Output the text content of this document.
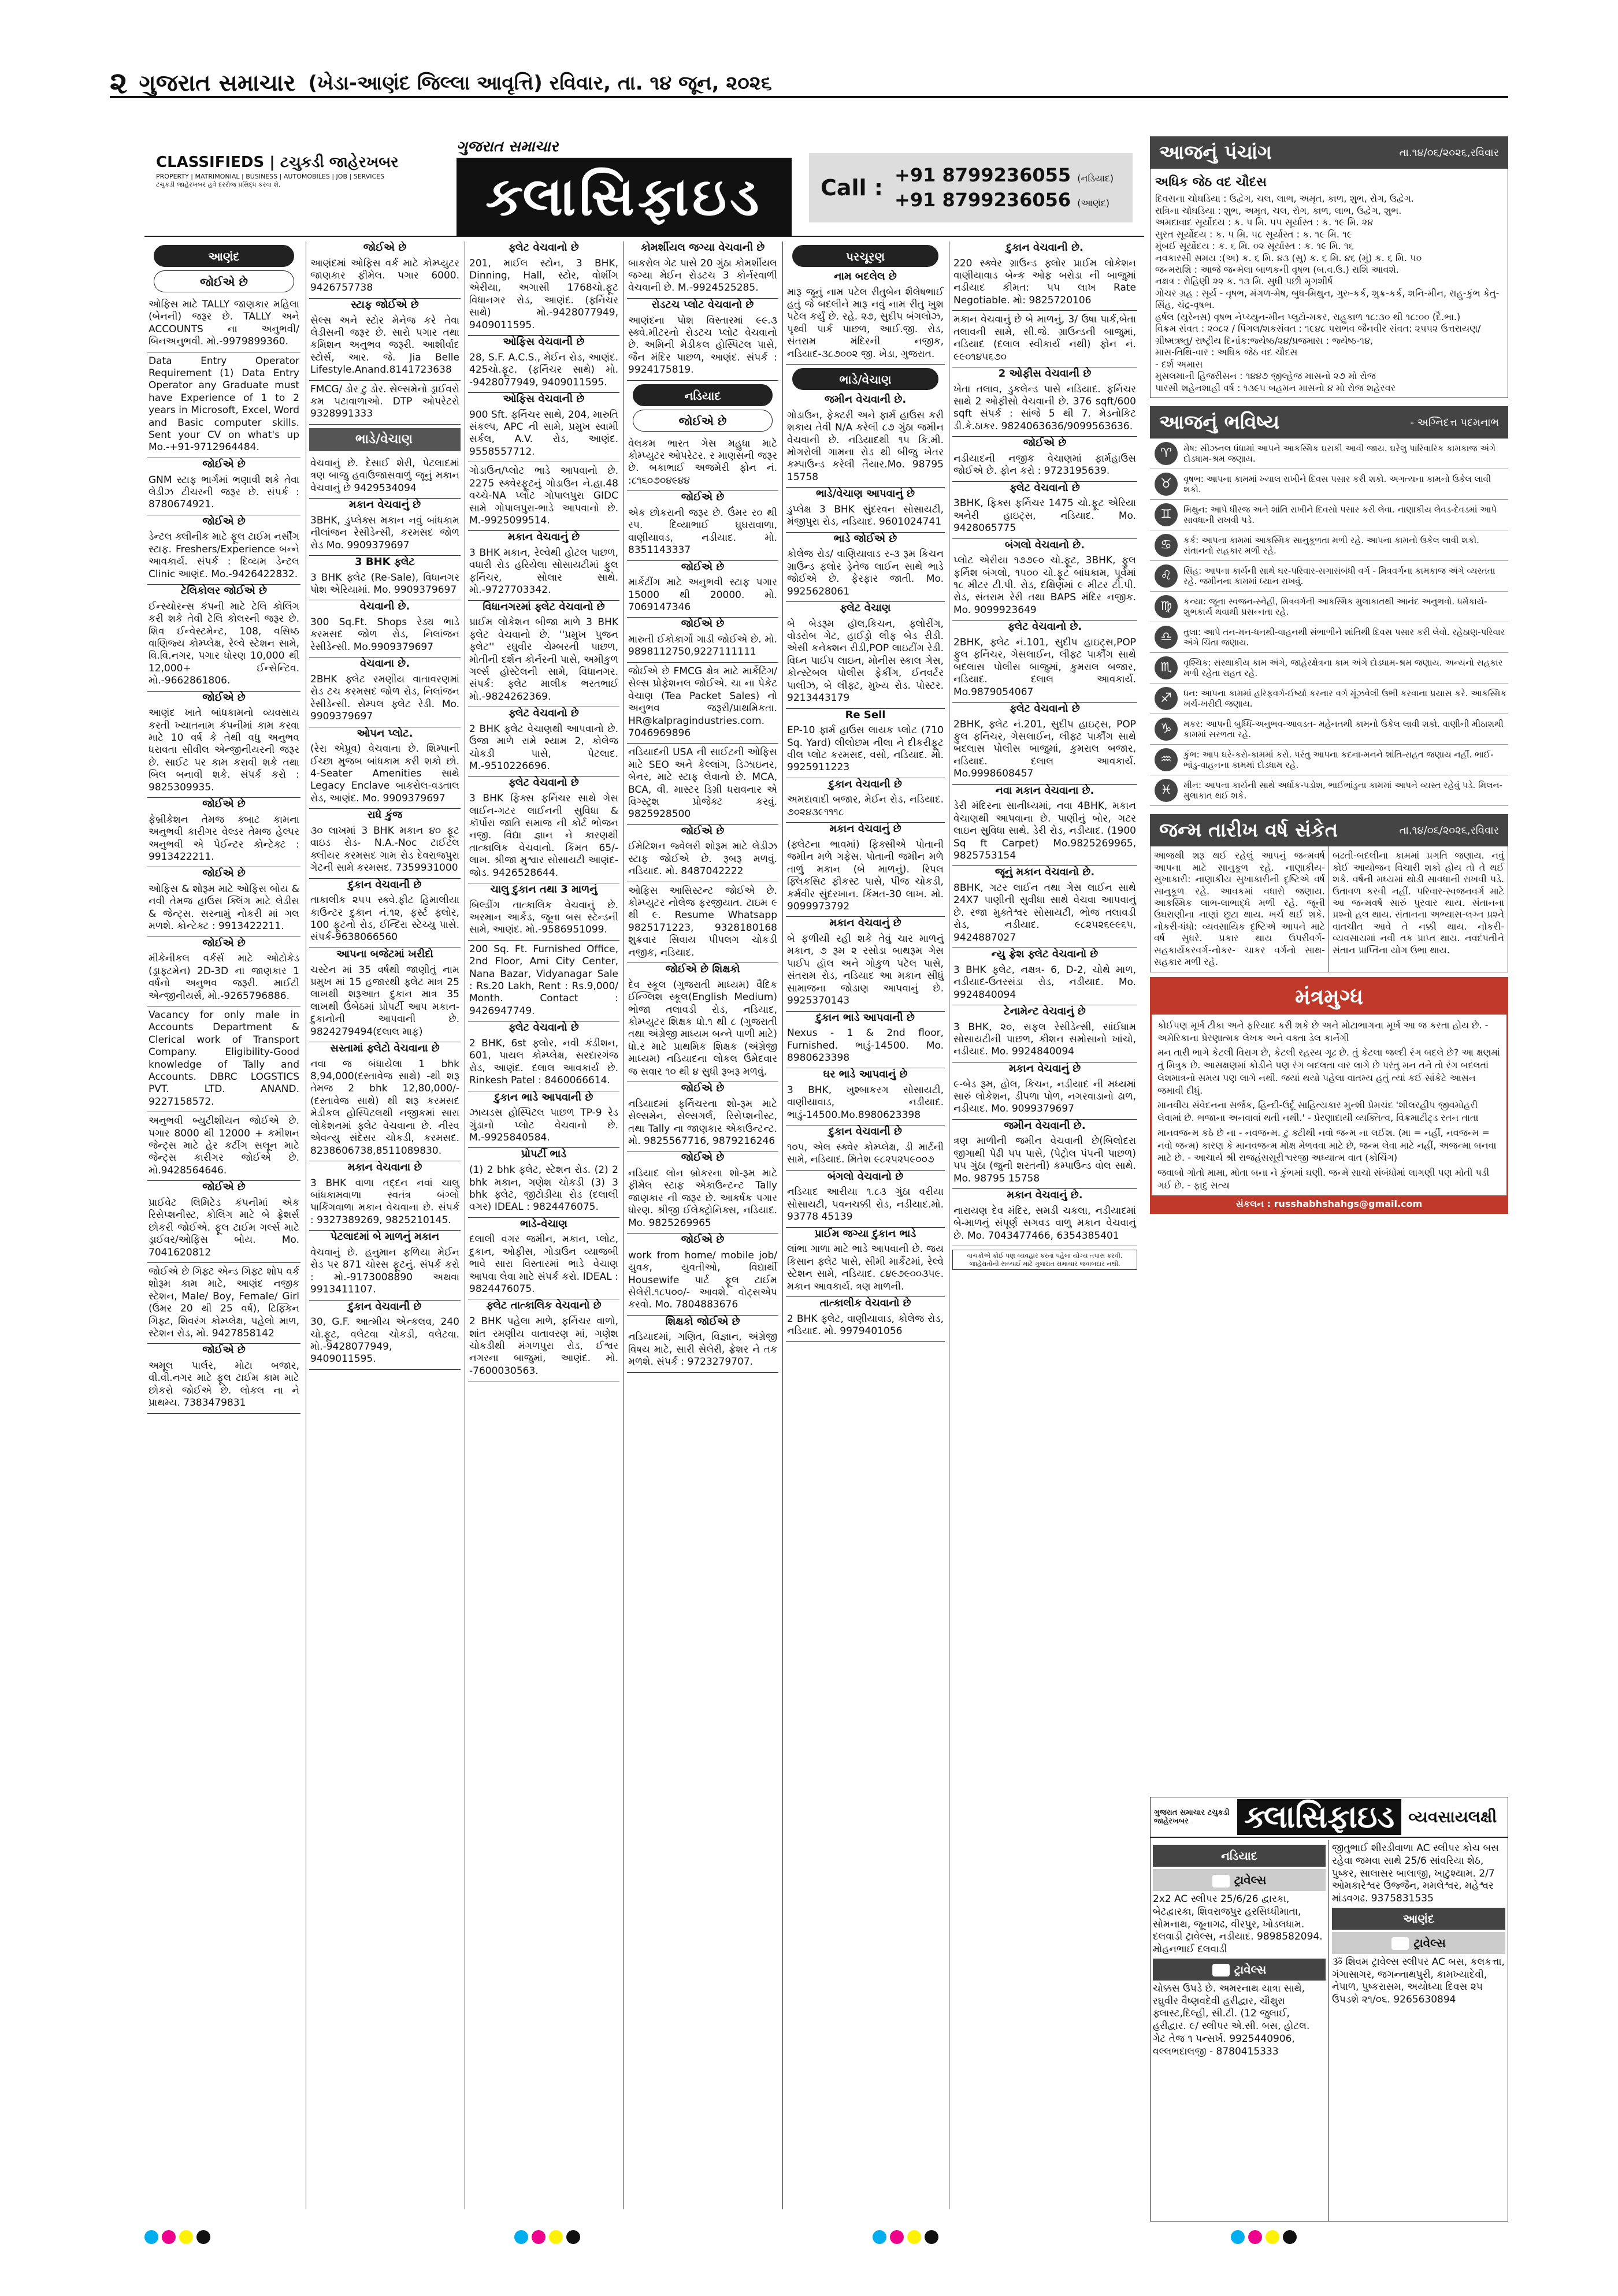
૨ ગુજરાત સમાચાર (ખેડા-આણંદ જિલ્લા આવૃત્તિ) રવિવાર, તા. ૧૪ જૂન, ૨૦૨૬
CLASSIFIEDS | ટચુકડી જાહેરખબર
PROPERTY | MATRIMONIAL | BUSINESS | AUTOMOBILES | JOB | SERVICES
ટચુકડી જાહેરખબર હવે દરરોજ પ્રસિદ્ધ કરવા શે.
ગુજરાત સમાચાર
ક્લાસિફાઇડ	Call :
+91 8799236055 (નડિયાદ)
+91 8799236056 (આણંદ)
આણંદ
જોઈએ છે
ઓફિસ માટે TALLY જાણકાર મહિલા (બેનની) જરૂર છે. TALLY અને ACCOUNTS ના અનુભવી/બિનઅનુભવી. મો.-9979899360.
Data Entry Operator Requirement (1) Data Entry Operator any Graduate must have Experience of 1 to 2 years in Microsoft, Excel, Word and Basic computer skills. Sent your CV on what's up Mo.-+91-9712964484.
જોઈએ છે
GNM સ્ટાફ ભાર્ગમાં ભણાવી શકે તેવા લેડીઝ ટીચરની જરૂર છે. સંપર્ક : 8780674921.
જોઈએ છે
ડેન્ટલ ક્લીનીક માટે ફૂલ ટાઈમ નર્સીંગ સ્ટાફ. Freshers/Experience બન્ને આવકાર્ય. સંપર્ક : દિવ્યમ ડેન્ટલ Clinic આણંદ. Mo.-9426422832.
ટેલિકોલર જોઈએ છે
ઈન્સ્યોરન્સ કંપની માટે ટેલિ કોલિંગ કરી શકે તેવી ટેલિ કોલરની જરૂર છે. શિવ ઈન્વેસ્ટમેન્ટ, 108, વસિષ્ઠ વાણિજ્ય કોમ્પ્લેક્ષ, રેલ્વે સ્ટેશન સામે, વિ.વિ.નગર, પગાર ધોરણ 10,000 થી 12,000+ ઈન્સેન્ટિવ. મો.-9662861806.
જોઈએ છે
આણંદ ખાતે બાંધકામનો વ્યવસાય કરતી ખ્યાતનામ કંપનીમાં કામ કરવા માટે 10 વર્ષ કે તેથી વધુ અનુભવ ધરાવતા સીવીલ એન્જીનીયરની જરૂર છે. સાઈટ પર કામ કરાવી શકે તથા બિલ બનાવી શકે. સંપર્ક કરો : 9825309935.
જોઈએ છે
ફેબ્રીકેશન તેમજ ક્બાટ કામના અનુભવી કારીગર વેલ્ડર તેમજ હેલ્પર અનુભવી એ પેઈન્ટર કોન્ટેક્ટ : 9913422211.
જોઈએ છે
ઓફિસ & શોરૂમ માટે ઓફિસ બોય & નવી તેમજ હાઉસ ક્લિંગ માટે લેડીસ & જેન્ટ્સ. સરનામું નોકરી માં ગલ મળશે. કોન્ટેક્ટ : 9913422211.
જોઈએ છે
મીકેનીકલ વર્કર્સ માટે ઓટોકેડ (ડ્રાફ્ટમેન) 2D-3D ના જાણકાર 1 વર્ષનો અનુભવ જરૂરી. માઈટી એન્જીનીયર્સ, મો.-9265796886.
Vacancy for only male in Accounts Department & Clerical work of Transport Company. Eligibility-Good knowledge of Tally and Accounts. DBRC LOGSTICS PVT. LTD. ANAND. 9227158572.
અનુભવી બ્યુટીશીયન જોઈએ છે. પગાર 8000 થી 12000 + કમીશન જેન્ટ્સ માટે હેર કટીંગ સલૂન માટે જેન્ટ્સ કારીગર જોઈએ છે. મો.9428564646.
જોઈએ છે
પ્રાઈવેટ લિમિટેડ કંપનીમાં એક રિસેપ્શનીસ્ટ, કોલિંગ માટે બે ફ્રેશર્સ છોકરી જોઈએ. ફૂલ ટાઈમ ગર્લ્સ માટે ડ્રાઈવર/ઓફિસ બોય. Mo. 7041620812
જોઈએ છે ગિફ્ટ એન્ડ ગિફ્ટ શોપ વર્ક શોરૂમ કામ માટે, આણંદ નજીક સ્ટેશન, Male/ Boy, Female/ Girl (ઉંમર 20 થી 25 વર્ષ), ટિફ્કિન ગિફ્ટ, શિવરંગ કોમ્પ્લેક્ષ, પહેલો માળ, સ્ટેશન રોડ, મો. 9427858142
જોઈએ છે
અમૂલ પાર્લર, મોટા બજાર, વી.વી.નગર માટે ફૂલ ટાઈમ કામ માટે છોકરો જોઈએ છે. લોકલ ના ને પ્રાથમ્ય. 7383479831
જોઈએ છે
આણંદમાં ઓફિસ વર્ક માટે કોમ્પ્યુટર જાણકાર ફીમેલ. પગાર 6000. 9426757738
સ્ટાફ જોઈએ છે
સેલ્સ અને સ્ટોર મેનેજ કરે તેવા લેડીસની જરૂર છે. સારો પગાર તથા કમિશન અનુભવ જરૂરી. આશીર્વાદ સ્ટોર્સ, આર. જે. Jia Belle Lifestyle.Anand.8141723638
FMCG/ ડોર ટુ ડોર. સેલ્સમેનો ડ્રાઈવરો કમ પટાવાળાઓ. DTP ઓપરેટરો 9328991333
ભાડે/વેચાણ
વેચવાનું છે. દેસાઈ શેરી, પેટલાદમાં ત્રણ બાજુ હવાઉજાસવાળું જૂનું મકાન વેચવાનું છે 9429534094
મકાન વેચવાનું છે
3BHK, ડુપ્લેક્સ મકાન નવું બાંધકામ નીલાંજન રેસીડેન્સી, કરમસદ જોળ રોડ Mo. 9909379697
3 BHK ફ્લેટ
3 BHK ફ્લેટ (Re-Sale), વિધાનગર પોશ એરિયામાં. Mo. 9909379697
વેચવાની છે.
300 Sq.Ft. Shops રેડ્ય ભાડે કરમસદ જોળ રોડ, નિલાંજન રેસીડેન્સી. Mo.9909379697
વેચવાના છે.
2BHK ફ્લેટ રમણીય વાતાવરણમાં રોડ ટચ કરમસદ જોળ રોડ, નિલાંજન રેસીડેન્સી. સેમ્પલ ફ્લેટ રેડી. Mo. 9909379697
ઓપન પ્લોટ.
(રેરા એપ્રૂવ) વેચવાના છે. શિમ્પાની ઈચ્છા મુજબ બાંધકામ કરી શકો છો. 4-Seater Amenities સાથે Legacy Enclave બાકરોલ-વડતાલ રોડ, આણંદ. Mo. 9909379697
રાધે કુંજ
૩૦ લાખમાં 3 BHK મકાન ૪૦ ફૂટ વાઇડ રોડ- N.A.-Noc ટાઈટલ ક્લીયર કરમસદ ગામ રોડ દેવરાજપુરા ગેટની સામે કરમસદ. 7359931000
દુકાન વેચવાની છે
તાકાલીક ૨૫૫ સ્ક્વે.ફીટ હિમાલીયા કાઉન્ટર દુકાન નં.૧૨, ફર્સ્ટ ફ્લોર, 100 ફૂટનો રોડ, ઈન્દિરા સ્ટેચ્યુ પાસે. સંપર્ક-9638066560
આપના બજેટમાં ખરીદો
ચસ્ટેન માં 35 વર્ષથી જાણીતું નામ પ્રમુખ માં 15 હજારથી ફ્લેટ માત્ર 25 લાખથી શરૂઆત દુકાન માત્ર 35 લાખથી ઉંબેઠમાં પ્રોપર્ટી આપ મકાન-દુકાનોની આપવાની છે. 9824279494(દલાલ માફ)
સસ્તામાં ફ્લેટો વેચવાના છે
નવા જ બંધાયેલા 1 bhk 8,94,000(દસ્તાવેજ સાથે) -થી શરૂ તેમજ 2 bhk 12,80,000/-(દસ્તાવેજ સાથે) થી શરૂ કરમસદ મેડીકલ હોસ્પિટલથી નજીકમાં સારા લોકેશનમાં ફ્લેટ વેચવાના છે. નીરવ એવન્યુ સંદેસર ચોકડી, કરમસદ. 8238606738,8511089830.
મકાન વેચવાના છે
3 BHK વાળા તદ્દન નવાં ચાલુ બાંધકામવાળા સ્વતંત્ર બંગ્લો પાર્કિંગવાળા મકાન વેચવાના છે. સંપર્ક : 9327389269, 9825210145.
પેટલાદમાં બે માળનું મકાન
વેચવાનું છે. હનુમાન ફળિયા મેઈન રોડ પર 871 ચોરસ ફૂટનું. સંપર્ક કરો : મો.-9173008890 અથવા 9913411107.
દુકાન વેચવાની છે
30, G.F. આત્મીય એન્કલવ, 240 ચો.ફૂટ, વલેટવા ચોકડી, વલેટવા. મો.-9428077949, 9409011595.
ફ્લેટ વેચવાનો છે
201, માઈલ સ્ટોન, 3 BHK, Dinning, Hall, સ્ટોર, વોશીંગ એરીયા, અગાસી 1768ચો.ફૂટ વિધાનગર રોડ, આણંદ. (ફર્નિચર સાથે) મો.-9428077949, 9409011595.
ઓફિસ વેચવાની છે
28, S.F. A.C.S., મેઈન રોડ, આણંદ. 425ચો.ફૂટ. (ફર્નિચર સાથે) મો. -9428077949, 9409011595.
ઓફિસ વેચવાની છે
900 Sft. ફર્નિચર સાથે, 204, મારુતિ સંકલ્પ, APC ની સામે, પ્રમુખ સ્વામી સર્કલ, A.V. રોડ, આણંદ. 9558557712.
ગોડાઉન/પ્લોટ ભાડે આપવાનો છે. 2275 સ્ક્વેરફૂટનું ગોડાઉન ને.હા.48 વચ્ચે-NA પ્લોટ ગોપાલપુરા GIDC સામે ગોપાલપુરા-ભાડે આપવાનો છે. M.-9925099514.
મકાન વેચવાનું છે
3 BHK મકાન, રેલ્વેથી હોટલ પાછળ, વધારી રોડ હરિયેલા સોસાયટીમાં ફુલ ફર્નિચર, સોલાર સાથે. મો.-9727703342.
વિધાનગરમાં ફ્લેટ વેચવાનો છે
પ્રાઈમ લોકેશન બીજા માળે 3 BHK ફ્લેટ વેચવાનો છે. ''પ્રમુખ પુજન ફ્લેટ'' રઘુવીર ચેમ્બરની પાછળ, મોતીની દર્શન કોર્નરની પાસે, અમીકુળ ગર્લ્સ હોસ્ટેલની સામે, વિધાનગર. સંપર્ક: ફ્લેટ માલીક ભરતભાઈ મો.-9824262369.
ફ્લેટ વેચવાનો છે
2 BHK ફ્લેટ વેચાણથી આપવાનો છે. ઉજા માળે રામે શ્યામ 2, કોલેજ ચોકડી પાસે, પેટલાદ. M.-9510226696.
ફ્લેટ વેચવાનો છે
3 BHK ફિક્સ ફર્નિચર સાથે ગેસ લાઈન-ગટર લાઈનની સુવિધા & કૉર્પોરા જાતિ સમાજ ની કોર્ટ ભોજન નજી. વિદ્યા જ્ઞાન ને કારણથી તાત્કાલિક વેચવાનો. કિંમત 65/- લાખ. શ્રીજા મુશ્વાર સોસાયટી આણંદ-જોડ. 9426528644.
ચાલુ દુકાન તથા 3 માળનું
બિલ્ડીંગ તાત્કાલિક વેચવાનું છે. અરમાન આર્કેડ, જૂના બસ સ્ટેન્ડની સામે, આણંદ. મો.-9586951099.
200 Sq. Ft. Furnished Office, 2nd Floor, Ami City Center, Nana Bazar, Vidyanagar Sale : Rs.20 Lakh, Rent : Rs.9,000/ Month. Contact : 9426947749.
ફ્લેટ વેચવાનો છે
2 BHK, 6st ફ્લોર, નવી કંડીશન, 601, પાયલ કોમ્પ્લેક્ષ, સરદારગંજ રોડ, આણંદ. દલાલ આવકાર્ય છે. Rinkesh Patel : 8460066614.
દુકાન ભાડે આપવાની છે
ઝાયડસ હોસ્પિટલ પાછળ TP-9 રેડ ગુંડાનો પ્લોટ વેચવાનો છે. M.-9925840584.
પ્રોપર્ટી ભાડે
(1) 2 bhk ફ્લેટ, સ્ટેશન રોડ. (2) 2 bhk મકાન, ગણેશ ચોકડી (3) 3 bhk ફ્લેટ, જીટોડીયા રોડ (દલાલી વગર) IDEAL : 9824476075.
ભાડે-વેચાણ
દલાલી વગર જમીન, મકાન, પ્લોટ, દુકાન, ઓફીસ, ગોડાઉન વ્યાજબી ભાવે સારા વિસ્તારમાં ભાડે વેચાણ આપવા લેવા માટે સંપર્ક કરો. IDEAL : 9824476075.
ફ્લેટ તાત્કાલિક વેચવાનો છે
2 BHK પહેલા માળે, ફર્નિચર વાળો, શાંત રમણીય વાતાવરણ માં, ગણેશ ચોકડીથી મંગળપુરા રોડ, ઈશ્વર નગરના બાજુમાં, આણંદ. મો. -7600030563.
કોમર્શીયલ જગ્યા વેચવાની છે
બાકરોલ ગેટ પાસે 20 ગુંઠા કોમર્શીયલ જગ્યા મેઈન રોડટચ 3 કોર્નરવાળી વેચવાની છે. M.-9924525285.
રોડટચ પ્લોટ વેચવાનો છે
આણંદના પોશ વિસ્તારમાં ૯૯.૩ સ્ક્વે.મીટરનો રોડટચ પ્લોટ વેચવાનો છે. અમિની મેડીકલ હોસ્પિટલ પાસે, જૈન મંદિર પાછળ, આણંદ. સંપર્ક : 9924175819.
નડિયાદ
જોઈએ છે
વેલકમ ભારત ગેસ મહુધા માટે કોમ્પ્યુટર ઓપરેટર. ર માણસની જરૂર છે. બકાભાઈ અજમેરી ફોન નં. :૮૧૬૦૭૦૪૯૪૪
જોઈએ છે
એક છોકરાની જરૂર છે. ઉંમર ર૦ થી ર૫. દિવ્યાભાઈ ઘુઘરાવાળા, વાણીયાવડ, નડીયાદ. મો. 8351143337
જોઈએ છે
માર્કેટીંગ માટે અનુભવી સ્ટાફ પગાર 15000 થી 20000. મો. 7069147346
જોઈએ છે
મારુતી ઈકોકાર્ગો ગાડી જોઈએ છે. મો. 9898112750,9227111111
જોઈએ છે FMCG ક્ષેત્ર માટે માર્કેટિંગ/સેલ્સ પ્રોફેશનલ જોઈએ. ચા ના પેકેટ વેચાણ (Tea Packet Sales) નો અનુભવ જરૂરી/પ્રાથમિકતા. HR@kalpragindustries.com. 7046969896
નડિયાદની USA ની સાઈટની ઓફિસ માટે SEO અને કેલ્લાંગ, ડિઝાઇનર, બેનર, માટે સ્ટાફ લેવાનો છે. MCA, BCA, વી. માસ્ટર ડિગ્રી ધરાવનાર એ વિગ્સ્ટ્રશ પ્રોજેક્ટ કરવું. 9825928500
જોઈએ છે
ઈમેટિશન જ્વેલરી શોરૂમ માટે લેડીઝ સ્ટાફ જોઈએ છે. રૂબરૂ મળવું. નડિયાદ. મો. 8487042222
ઓફિસ આસિસ્ટન્ટ જોઈએ છે. કોમ્પ્યુટર નોલેજ ફરજીયાત. ટાઇમ ૯ થી ૯. Resume Whatsapp 9825171223, 9328180168 શુક્રવાર સિવાય પીપલગ ચોકડી નજીક, નડિયાદ.
જોઈએ છે શિક્ષકો
દેવ સ્કૂલ (ગુજરાતી માધ્યમ) વૈદિક ઈન્ગ્લિશ સ્કૂલ(English Medium) ભોજા તલાવડી રોડ, નડિયાદ, કોમ્પ્યુટર શિક્ષક ધો.૧ થી ૮ (ગુજરાતી તથા અંગ્રેજી માધ્યમ બન્ને પાળી માટે) ધો.ર માટે પ્રાથમિક શિક્ષક (અંગ્રેજી માધ્યમ) નડિયાદના લોકલ ઉમેદવાર જ સવાર ૧૦ થી ૪ સુધી રૂબરૂ મળવું.
જોઈએ છે
નડિયાદમાં ફર્નિચરના શો-રૂમ માટે સેલ્સમેન, સેલ્સગર્લ, રિસેપ્શનીસ્ટ, તથા Tally ના જાણકાર એકાઉન્ટન્ટ. મો. 9825567716, 9879216246
જોઈએ છે
નડિયાદ લોન બ્રોકરના શો-રૂમ માટે ફીમેલ સ્ટાફ એકાઉન્ટન્ટ Tally જાણકાર ની જરૂર છે. આકર્ષક પગાર ધોરણ. શ્રીજી ઈલેક્ટ્રોનિક્સ, નડિયાદ. Mo. 9825269965
જોઈએ છે
work from home/ mobile job/ યુવક, યુવતીઓ, વિદ્યાર્થી Housewife પાર્ટ ફૂલ ટાઈમ સેલેરી.૧૮૫૦૦/- આવશે. વોટ્સએપ કરવો. Mo. 7804883676
શિક્ષકો જોઈએ છે
નડિયાદમાં, ગણિત, વિજ્ઞાન, અંગ્રેજી વિષય માટે, સારી સેલેરી, ફ્રેશર ને તક મળશે. સંપર્ક : 9723279707.
પરચૂરણ
નામ બદલેલ છે
મારૂ જૂનું નામ પટેલ રીતુબેન શૈલેષભાઈ હતું જે બદલીને મારૂ નવું નામ રીતુ ખુશ પટેલ કર્યું છે. રહે. ૨૭, સુદીપ બંગલોઝ, પૃથ્વી પાર્ક પાછળ, આઈ.જી. રોડ, સંતરામ મંદિરની નજીક, નડિયાદ-૩૮૭૦૦૨ જી. ખેડા, ગુજરાત.
ભાડે/વેચાણ
જમીન વેચવાની છે.
ગોડાઉન, ફેક્ટરી અને ફાર્મ હાઉસ કરી શકાય તેવી N/A કરેલી ૮૭ ગુંઠા જમીન વેચવાની છે. નડિયાદથી ૧૫ કિ.મી. મોગરોલી ગામના રોડ થી બીજુ ખેતર કમ્પાઉન્ડ કરેલી તૈયાર.Mo. 98795 15758
ભાડે/વેચાણ આપવાનું છે
ડુપ્લેક્ષ 3 BHK સુંદરવન સોસાયટી, મંજીપુરા રોડ, નડિયાદ. 9601024741
ભાડે જોઈએ છે
કોલેજ રોડ/ વાણિયાવાડ ર-૩ રૂમ કિચન ગ્રાઉન્ડ ફ્લોર ડ્રેનેજ લાઈન સાથે ભાડે જોઈએ છે. ફેરફાર જાતી. Mo. 9925628061
ફ્લેટ વેચાણ
બે બેડરૂમ હૉલ,કિચન, ફ્લોરીંગ, વોડરોબ ગેટ, હાઈડ્રો લીફ બેડ રીડી. એસી કનેક્શન રીડી,POP લાઇટીંગ રેડી. વિઘ્ન પાઈપ લાઇન, મોનીસ સ્કાલ ગેસ, કોન્સ્ટેબલ પોલીસ ફેકીંગ, ઈનવર્ટર પાલીઝ, બે લીફ્ટ, મુખ્ય રોડ. પોસ્ટર. 9213443179
Re Sell
EP-10 ફાર્મ હાઉસ લાયક પ્લોટ (710 Sq. Yard) લીલોછમ નીલા ને દીકરીફૂટ વીલ પ્લોટ કરમસદ, વસો, નડિયાદ. મો. 9925911223
દુકાન વેચવાની છે
અમદાવાદી બજાર, મેઈન રોડ, નડિયાદ. ૭૦૨૪૩૯૧૧૧૮
મકાન વેચવાનું છે
(ફ્લેટના ભાવમાં) ફિક્સીએ પોતાની જમીન મળે ગફેસ. પોતાની જમીન મળે તાળું મકાન (બે માળનું). રિપલ ફ્લિકસિટ ફીકસ્ટ પાસે, પીજ ચોકડી, કર્મવીર સુંદરખાન. કિંમત-30 લાખ. મો. 9099973792
મકાન વેચવાનું છે
બે ફળીયી રહી શકે તેવું ચાર માળનું મકાન, ૭ રૂમ ૨ રસોડા બાથરૂમ ગેસ પાઈપ હૉલ અને ગોકુળ પટેલ પાસે, સંતરામ રોડ, નડિયાદ આ મકાન સીધું સામાજના જોડાણ આપવાનું છે. 9925370143
દુકાન ભાડે આપવાની છે
Nexus - 1 & 2nd floor, Furnished. ભાડું-14500. Mo. 8980623398
ઘર ભાડે આપવાનું છે
3 BHK, ખુશ્બાકરગ સોસાયટી, વાણીયાવાડ, નડીયાદ. ભાડું-14500.Mo.8980623398
દુકાન વેચવાની છે
૧૦૫, એલ સ્ક્વેર કોમ્પ્લેક્ષ, ડી માર્ટની સામે, નડિયાદ. મિતેશ ૯૮૨૫૨૫૯૦૦૭
બંગલો વેચવાનો છે
નડિયાદ આરીયા ૧.૮૩ ગુંઠા વરીયા સોસાયટી, પવનચક્કી રોડ, નડીયાદ.મો. 93778 45139
પ્રાઈમ જગ્યા દુકાન ભાડે
લાંભા ગાળા માટે ભાડે આપવાની છે. જય કિસાન ફ્લેટ પાસે, સીમી માર્કેટમાં, રેલ્વે સ્ટેશન સામે, નડિયાદ. ૮૪૯૭૯૦૦૩૫૯. મકાન આવકાર્ય. ત્રણ માળની.
તાત્કાલીક વેચવાનો છે
2 BHK ફ્લેટ, વાણીયાવાડ, કોલેજ રોડ, નડિયાદ. મો. 9979401056
દુકાન વેચવાની છે.
220 સ્ક્વેર ગ્રાઉન્ડ ફ્લોર પ્રાઈમ લોકેશન વાણીયાવાડ બેન્ક ઓફ બરોડા ની બાજુમાં નડીયાદ કીમત: ૫૫ લાખ Rate Negotiable. મો: 9825720106
મકાન વેચવાનું છે બે માળનું, 3/ ઉષા પાર્ક,બેતા તલાવની સામે, સી.જે. ગ્રાઉન્ડની બાજુમાં, નડિયાદ (દલાલ સ્વીકાર્ય નથી) ફોન નં. ૯૯૦૧૪૫૬૭૦
2 ઓફીસ વેચવાની છે
ખેતા તલાવ, ડુકલેન્ડ પાસે નડિયાદ. ફર્નિચર સાથે 2 ઓફીસો વેચવાની છે. 376 sqft/600 sqft સંપર્ક : સાંજે 5 થી 7. મેડનોકિટ ડી.કે.ઠાકર. 9824063636/9099563636.
જોઈએ છે
નડીયાદની નજીક વેચાણમાં ફાર્મહાઉસ જોઈએ છે. ફોન કરો : 9723195639.
ફ્લેટ વેચવાનો છે
3BHK, ફિક્સ ફર્નિચર 1475 ચો.ફૂટ એરિયા અનેરી હાઇટ્સ, નડિયાદ. Mo. 9428065775
બંગલો વેચવાનો છે.
પ્લોટ એરીયા ૧૭૭૯૦ ચો.ફૂટ, 3BHK, ફુલ ફર્નિશ બંગલો, ૧૫૦૦ ચો.ફૂટ બાંધકામ, પૂર્વમાં ૧૮ મીટર ટી.પી. રોડ, દક્ષિણમાં ૯ મીટર ટી.પી. રોડ, સંતરામ રેરી તથા BAPS મંદિર નજીક. Mo. 9099923649
ફ્લેટ વેચવાનો છે.
2BHK, ફ્લેટ નં.101, સુદીપ હાઇટ્સ,POP ફુલ ફર્નિચર, ગેસલાઈન, લીફ્ટ પાર્કીંગ સાથે બદલાસ પોલીસ બાજુમાં, કુમરાલ બજાર, નડિયાદ. દલાલ આવકાર્ય. Mo.9879054067
ફ્લેટ વેચવાનો છે
2BHK, ફ્લેટ નં.201, સુદીપ હાઇટ્સ, POP ફુલ ફર્નિચર, ગેસલાઈન, લીફ્ટ પાર્કીંગ સાથે બદલાસ પોલીસ બાજુમાં, કુમરાલ બજાર, નડિયાદ. દલાલ આવકાર્ય. Mo.9998608457
નવા મકાન વેચવાના છે.
ડેરી મંદિરના સાનીધ્યમાં, નવા 4BHK, મકાન વેચાણથી આપવાના છે. પાણીનું બોર, ગટર લાઇન સુવિધા સાથે. ડેરી રોડ, નડીયાદ. (1900 Sq ft Carpet) Mo.9825269965, 9825753154
જૂનું મકાન વેચવાનો છે.
8BHK, ગટર લાઈન તથા ગેસ લાઈન સાથે 24X7 પાણીની સુવીધા સાથે વેચવા આપવાનું છે. રજા મુક્તેશ્વર સોસાયટી, ભોજ તલાવડી રોડ, નડીયાદ. ૯૮૨૫૨૬૯૯૬૫, 9424887027
ન્યુ ફ્રેશ ફ્લેટ વેચવાનો છે
3 BHK ફ્લેટ, નક્ષત્ર- 6, D-2, ચોથે માળ, નડીયાદ-ઉતરસંડા રોડ, નડીયાદ. Mo. 9924840094
ટેનામેન્ટ વેચવાનું છે
3 BHK, ૨૦, સફલ રેસીડેન્સી, સાંઈધામ સોસાયટીની પાછળ, કીશન સમોસાનો ખાંચો, નડીયાદ. Mo. 9924840094
મકાન વેચવાનું છે
૯-બેડ રૂમ, હોલ, કિચન, નડીયાદ ની મધ્યમાં સારું લોકેશન, ડીપળા પોળ, નગરવાડાનો ઢાળ, નડીયાદ. Mo. 9099379697
જમીન વેચવાની છે.
ત્રણ માળીની જમીન વેચવાની છે(બિલોદરા જીગાથી પેઢી ૫૫ પાસે, (પેટ્રોલ પંપની પાછળ) ૫૫ ગુંઠા (જુની શરતની) કમ્પાઉન્ડ વોલ સાથે. Mo. 98795 15758
મકાન વેચવાનું છે.
નારાયણ દેવ મંદિર, સમડી ચકલા, નડીયાદમાં બે-માળનું સંપૂર્ણ સગવડ વાળુ મકાન વેચવાનું છે. Mo. 7043477466, 6354385401
વાચકોએ કોઈ પણ વ્યવહાર કરતાં પહેલાં યોગ્ય તપાસ કરવી. જાહેરાતોની સચ્ચાઈ માટે ગુજરાત સમાચાર જવાબદાર નથી.
આજનું પંચાંગ	તા.૧૪/૦૬/૨૦૨૬,રવિવાર
અધિક જેઠ વદ ચૌદસ
દિવસના ચોઘડિયા : ઉદ્વેગ, ચલ, લાભ, અમૃત, કાળ, શુભ, રોગ, ઉદ્વેગ.
રાત્રિના ચોઘડિયા : શુભ, અમૃત, ચલ, રોગ, કાળ, લાભ, ઉદ્વેગ, શુભ.
અમદાવાદ સૂર્યોદય : ક. ૫ મિ. ૫૫ સૂર્યાસ્ત : ક. ૧૯ મિ. ૨૪
સુરત સૂર્યોદય : ક. ૫ મિ. ૫૮ સૂર્યાસ્ત : ક. ૧૯ મિ. ૧૯
મુંબઈ સૂર્યોદય : ક. ૬ મિ. ૦૨ સૂર્યાસ્ત : ક. ૧૯ મિ. ૧૬
નવકારસી સમય :(અ) ક. ૬ મિ. ૪૩ (સુ) ક. ૬ મિ. ૪૬ (મું) ક. ૬ મિ. ૫૦
જન્મરાશિ : આજે જન્મેલા બાળકની વૃષભ (બ.વ.ઉ.) રાશિ આવશે.
નક્ષત્ર : રોહિણી ૨૨ ક. ૧૩ મિ. સુધી પછી મૃગશીર્ષ
ગોચર ગ્રહ : સૂર્ય - વૃષભ, મંગળ-મેષ, બુધ-મિથુન, ગુરુ-કર્ક, શુક્ર-કર્ક, શનિ-મીન, રાહુ-કુંભ કેતુ-સિંહ, ચંદ્ર-વૃષભ.
હર્ષલ (યુરેનસ) વૃષભ નેપ્ચ્યુન-મીન પ્લુટો-મકર, રાહુકાળ ૧૮:૩૦ થી ૧૮:૦૦ (દૈ.ભા.)
વિક્રમ સંવત : ૨૦૮૨ / પિંગલ/શકસંવત : ૧૯૪૮ પરાભવ જૈનવીર સંવત: ૨૫૫૨ ઉત્તરાયણ/ગ્રીષ્મઋતુ/ રાષ્ટ્રીય દિનાંક:જ્યેષ્ઠ/૨૪/પ્રજમાસ : જ્યેષ્ઠ-૧૪,
માસ-તિથિ-વાર : અધિક જેઠ વદ ચૌદસ
- દર્શ અમાસ
મુસલમાની હિજરીસન : ૧૪૪૭ જીલ્હેજ માસનો ૨૭ મો રોજ
પારસી શહેનશાહી વર્ષ : ૧૩૯૫ બહમન માસનો ૪ મો રોજ શહેરવર
આજનું ભવિષ્ય	- અગ્નિદત્ત પદમનાભ
♈	મેષ: સીઝનલ ધંધામાં આપને આકસ્મિક ઘરાકી આવી જાય. ઘરેલુ પારિવારિક કામકાજ અંગે દોડધામ-શ્રમ જણાય.
♉	વૃષભ: આપના કામમાં ખ્યાલ રાખીને દિવસ પસાર કરી શકો. અગત્યના કામનો ઉકેલ લાવી શકો.
♊	મિથુન: આપે ધીરજ અને શાંતિ રાખીને દિવસો પસાર કરી લેવા. નાણાકીય લેવડ-દેવડમાં આપે સાવધાની રાખવી પડે.
♋	કર્ક: આપના કામમાં આકસ્મિક સાનુકૂળતા મળી રહે. આપના કામનો ઉકેલ લાવી શકો. સંતાનનો સહકાર મળી રહે.
♌	સિંહ: આપના કાર્યની સાથે ઘર-પરિવાર-સગાસંબંધી વર્ગ - મિત્રવર્ગના કામકાજ અંગે વ્યસ્તતા રહે. જમીનના કામમાં ધ્યાન રાખવું.
♍	કન્યા: જૂના સ્વજન-સ્નેહી, મિત્રવર્ગની આકસ્મિક મુલાકાતથી આનંદ અનુભવો. ધર્મકાર્ય-શુભકાર્ય થવાથી પ્રસન્નતા રહે.
♎	તુલા: આપે તન-મન-ધનથી-વાહનથી સંભાળીને શાંતિથી દિવસ પસાર કરી લેવો. રહેઠાણ-પરિવાર અંગે ચિંતા જણાય.
♏	વૃશ્ચિક: સંસ્થાકીય કામ અંગે, જાહેરક્ષેત્રના કામ અંગે દોડધામ-શ્રમ જણાય. અન્યનો સહકાર મળી રહેતા રાહત રહે.
♐	ધન: આપના કામમાં હરિફવર્ગ-ઈર્ષ્યા કરનાર વર્ગ મૂંઝવેલી ઉભી કરવાના પ્રયાસ કરે. આકસ્મિક ખર્ચ-ખરીદી જણાય.
♑	મકર: આપની બુધ્ધિ-અનુભવ-આવડત- મહેનતથી કામનો ઉકેલ લાવી શકો. વાણીની મીઠાશથી કામમાં સરળતા રહે.
♒	કુંભ: આપ ઘરે-કરો-કામમાં કરો. પરંતુ આપના કદના-મનને શાંતિ-રાહત જણાય નહીં. ભાઈ-ભાંડુ-વાહનના કામમાં દોડધામ રહે.
♓	મીન: આપના કાર્યની સાથે અર્ધોક-પડોશ, ભાઈભાંડુના કામમાં આપને વ્યસ્ત રહેવું પડે. મિલન-મુલાકાત થઈ શકે.
જન્મ તારીખ વર્ષ સંકેત	તા.૧૪/૦૬/૨૦૨૬,રવિવાર
આજથી શરૂ થઈ રહેલું આપનું જન્મવર્ષ આપના માટે સાનુકૂળ રહે. નાણાકીય-સુખાકારી: નાણાકીય સુખાકારીની દૃષ્ટિએ વર્ષ સાનુકૂળ રહે. આવકમાં વધારો જણાય. આકસ્મિક લાભ-લાભાદ્ધે મળી રહે. જૂની ઉઘરાણીના નાણાં છૂટા થાય. ખર્ચ થઈ શકે. નોકરી-ધંધો: વ્યવસાયિક દૃષ્ટિએ આપને માટે વર્ષ સુધરે. પ્રકાર થાય ઉપરીવર્ગ-સહકાર્યકરવર્ગ-નોકર- ચાકર વર્ગનો સાથ-સહકાર મળી રહે.
બઢતી-બદલીના કામમાં પ્રગતિ જણાય. નવું કોઈ આયોજન વિચારી શકો હોય તો તે થઈ શકે. વર્ષની મધ્યમાં થોડી સાવધાની રાખવી પડે. ઉતાવળ કરવી નહીં. પરિવાર-સ્વજનવર્ગ માટે આ જન્મવર્ષ સારું પુરવાર થાય. સંતાનના પ્રશ્નો હલ થાય. સંતાનના અભ્યાસ-લગ્ન પ્રશ્ને વાતચીત આવે તે નક્કી થાય. નોકરી-વ્યવસાયમાં નવી તક પ્રાપ્ત થાય. નવદંપતીને સંતાન પ્રાપ્તિના યોગ ઉભા થાય.
મંત્રમુગ્ધ

કોઈપણ મૂર્ખ ટીકા અને ફરિયાદ કરી શકે છે અને મોટાભાગના મૂર્ખ આ જ કરતા હોય છે. - અમેરિકાના પ્રેરણાત્મક લેખક અને વક્તા ડેલ કાર્નેગી

મન તારી ભાગે કેટલી વિરાગ છે, કેટલી રહસ્ય ગૂઢ છે. તું કેટલા જલ્દી રંગ બદલે છે? આ ક્ષણમાં તું મિત્રુક છે. આસક્ષણમાં કોડીને પણ રંગ બદલતા વાર લાગે છે પરંતુ મન તને તો રંગ બદલતાં લેશમાત્રનો સમય પણ લાગે નથી. જયાં થયો પહેલા વાતમ્ય હતું ત્યાં કઈ સાંકેટે આસન જમાવી દીધું.

માનવીય સંવેદનના સર્જક, હિન્દી-ઉર્દૂ સાહિત્યકાર મુન્શી પ્રેમચંદ 'શીલરહીપ જીવમોહરી લેવામાં છે. ભજાના અનવાવાં થતી નથી.' - પ્રેરણાદાયી વ્યક્તિત્વ, વિક્રમાટીટ્ડ રતન તાતા

માનવજન્મ કઠે છે ના - નવજન્મ. ટુ ક્ટીથી નવો જન્મ ના લઈશ. (મા = નહીં, નવજન્મ = નવો જન્મ) કારણ કે માનવજન્મ મોક્ષ મેળવવા માટે છે, જન્મ લેવા માટે નહીં, અજન્મા બનવા માટે છે. - આચાર્ય શ્રી રાજહંસસૂરીશ્વરજી અધ્યાત્મ વાત (કોચિંગ)

જવાબો ગોતો મામા, મોતા બના ને કુંભમાં ઘણી. જન્મે સાચો સંબંધોમાં લાગણી પણ મોતી પડી ગઈ છે. - ફાદુ સત્ય

સંકલન : russhabhshahgs@gmail.com
ગુજરાત સમાચાર ટચુકડી જાહેરખબર	ક્લાસિફાઇડ વ્યવસાયલક્ષી
નડિયાદ
ટ્રાવેલ્સ
2x2 AC સ્લીપર 25/6/26 દ્વારકા, બેટદ્વારકા, શિવરાજપુર હરસિધ્ધીમાતા, સોમનાથ, જૂનાગઢ, વીરપુર, ખોડલધામ. દલવાડી ટ્રાવેલ્સ, નડીયાદ. 9898582094. મોહનભાઈ દલવાડી
ટ્રાવેલ્સ
ચોક્કસ ઉપડે છે. અમરનાથ યાત્રા સાથે, રઘુવીર વૈષ્ણવદેવી હરીદ્વાર, ચૌથુરા ફ્લાસ્ટ,દિલ્હી, સી.ટી. (12 જુલાઈ, હરીદ્વાર. ૯/ સ્લીપર એ.સી. બસ, હોટલ. ગેટ તેજ ૧ પન્સર્ખ. 9925440906, વલ્લભદાલજી - 8780415333
જીતુભાઈ શીરડીવાળા AC સ્લીપર કોચ બસ રહેવા જમવા સાથે 25/6 સાંવરિયા શેઠ, પુષ્કર, સાલાસર બાલાજી, ખાટુશ્યામ. 2/7 ઓમકારેશ્વર ઉજ્જૈન, મમલેશ્વર, મહેશ્વર માંડવગઢ. 9375831535
આણંદ
ટ્રાવેલ્સ
ૐ શિવમ ટ્રાવેલ્સ સ્લીપર AC બસ, કલકત્તા, ગંગાસાગર, જગન્નાથપુરી, કામખ્યાદેવી, નેપાળ, પુષ્કરાસમ, અયોધ્યા દિવસ ૨૫ ઉપડશે ૨૧/૦૬. 9265630894
